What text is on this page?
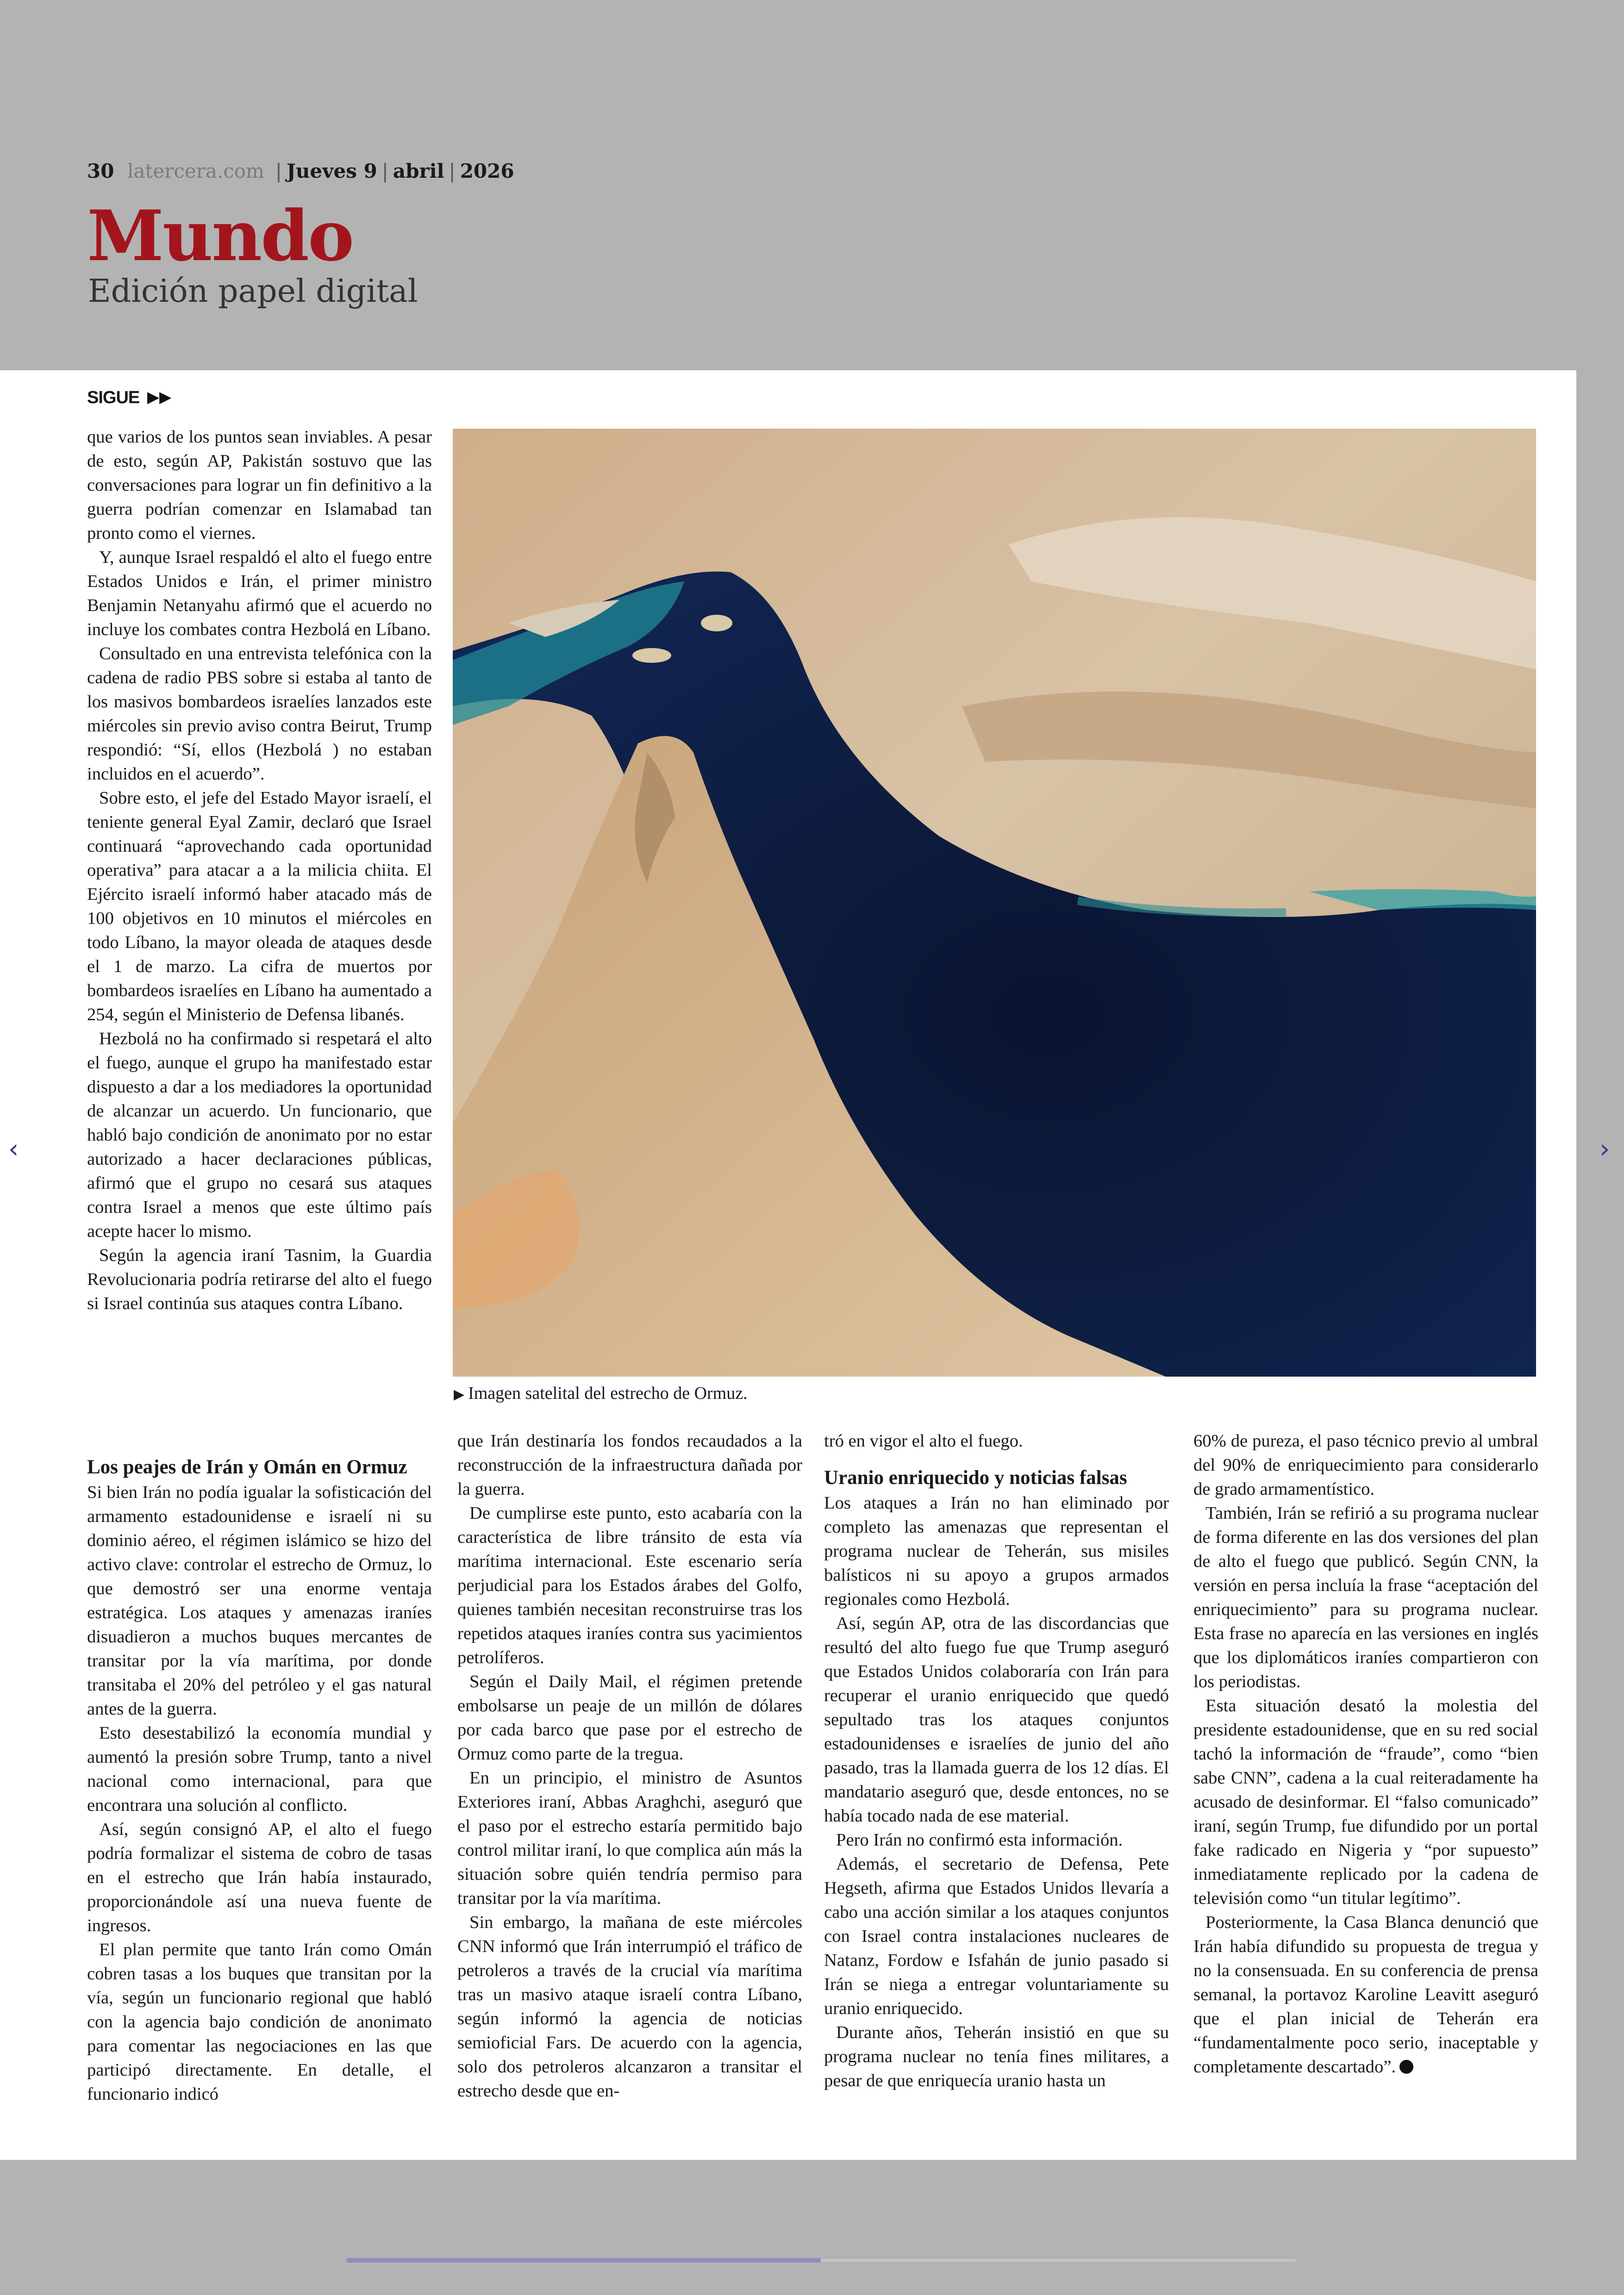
30 latercera.com | Jueves 9 | abril | 2026
Mundo
Edición papel digital
SIGUE ▶▶

que varios de los puntos sean inviables. A pesar de esto, según AP, Pakistán sostuvo que las conversaciones para lograr un fin definitivo a la guerra podrían comenzar en Islamabad tan pronto como el viernes.

Y, aunque Israel respaldó el alto el fuego entre Estados Unidos e Irán, el primer ministro Benjamin Netanyahu afirmó que el acuerdo no incluye los combates contra Hezbolá en Líbano.

Consultado en una entrevista telefónica con la cadena de radio PBS sobre si estaba al tanto de los masivos bombardeos israelíes lanzados este miércoles sin previo aviso contra Beirut, Trump respondió: “Sí, ellos (Hezbolá ) no estaban incluidos en el acuerdo”.

Sobre esto, el jefe del Estado Mayor israelí, el teniente general Eyal Zamir, declaró que Israel continuará “aprovechando cada oportunidad operativa” para atacar a a la milicia chiita. El Ejército israelí informó haber atacado más de 100 objetivos en 10 minutos el miércoles en todo Líbano, la mayor oleada de ataques desde el 1 de marzo. La cifra de muertos por bombardeos israelíes en Líbano ha aumentado a 254, según el Ministerio de Defensa libanés.

Hezbolá no ha confirmado si respetará el alto el fuego, aunque el grupo ha manifestado estar dispuesto a dar a los mediadores la oportunidad de alcanzar un acuerdo. Un funcionario, que habló bajo condición de anonimato por no estar autorizado a hacer declaraciones públicas, afirmó que el grupo no cesará sus ataques contra Israel a menos que este último país acepte hacer lo mismo.

Según la agencia iraní Tasnim, la Guardia Revolucionaria podría retirarse del alto el fuego si Israel continúa sus ataques contra Líbano.

▶ Imagen satelital del estrecho de Ormuz.
Los peajes de Irán y Omán en Ormuz

Si bien Irán no podía igualar la sofisticación del armamento estadounidense e israelí ni su dominio aéreo, el régimen islámico se hizo del activo clave: controlar el estrecho de Ormuz, lo que demostró ser una enorme ventaja estratégica. Los ataques y amenazas iraníes disuadieron a muchos buques mercantes de transitar por la vía marítima, por donde transitaba el 20% del petróleo y el gas natural antes de la guerra.

Esto desestabilizó la economía mundial y aumentó la presión sobre Trump, tanto a nivel nacional como internacional, para que encontrara una solución al conflicto.

Así, según consignó AP, el alto el fuego podría formalizar el sistema de cobro de tasas en el estrecho que Irán había instaurado, proporcionándole así una nueva fuente de ingresos.

El plan permite que tanto Irán como Omán cobren tasas a los buques que transitan por la vía, según un funcionario regional que habló con la agencia bajo condición de anonimato para comentar las negociaciones en las que participó directamente. En detalle, el funcionario indicó

que Irán destinaría los fondos recaudados a la reconstrucción de la infraestructura dañada por la guerra.

De cumplirse este punto, esto acabaría con la característica de libre tránsito de esta vía marítima internacional. Este escenario sería perjudicial para los Estados árabes del Golfo, quienes también necesitan reconstruirse tras los repetidos ataques iraníes contra sus yacimientos petrolíferos.

Según el Daily Mail, el régimen pretende embolsarse un peaje de un millón de dólares por cada barco que pase por el estrecho de Ormuz como parte de la tregua.

En un principio, el ministro de Asuntos Exteriores iraní, Abbas Araghchi, aseguró que el paso por el estrecho estaría permitido bajo control militar iraní, lo que complica aún más la situación sobre quién tendría permiso para transitar por la vía marítima.

Sin embargo, la mañana de este miércoles CNN informó que Irán interrumpió el tráfico de petroleros a través de la crucial vía marítima tras un masivo ataque israelí contra Líbano, según informó la agencia de noticias semioficial Fars. De acuerdo con la agencia, solo dos petroleros alcanzaron a transitar el estrecho desde que en-

tró en vigor el alto el fuego.

Uranio enriquecido y noticias falsas

Los ataques a Irán no han eliminado por completo las amenazas que representan el programa nuclear de Teherán, sus misiles balísticos ni su apoyo a grupos armados regionales como Hezbolá.

Así, según AP, otra de las discordancias que resultó del alto fuego fue que Trump aseguró que Estados Unidos colaboraría con Irán para recuperar el uranio enriquecido que quedó sepultado tras los ataques conjuntos estadounidenses e israelíes de junio del año pasado, tras la llamada guerra de los 12 días. El mandatario aseguró que, desde entonces, no se había tocado nada de ese material.

Pero Irán no confirmó esta información.

Además, el secretario de Defensa, Pete Hegseth, afirma que Estados Unidos llevaría a cabo una acción similar a los ataques conjuntos con Israel contra instalaciones nucleares de Natanz, Fordow e Isfahán de junio pasado si Irán se niega a entregar voluntariamente su uranio enriquecido.

Durante años, Teherán insistió en que su programa nuclear no tenía fines militares, a pesar de que enriquecía uranio hasta un

60% de pureza, el paso técnico previo al umbral del 90% de enriquecimiento para considerarlo de grado armamentístico.

También, Irán se refirió a su programa nuclear de forma diferente en las dos versiones del plan de alto el fuego que publicó. Según CNN, la versión en persa incluía la frase “aceptación del enriquecimiento” para su programa nuclear. Esta frase no aparecía en las versiones en inglés que los diplomáticos iraníes compartieron con los periodistas.

Esta situación desató la molestia del presidente estadounidense, que en su red social tachó la información de “fraude”, como “bien sabe CNN”, cadena a la cual reiteradamente ha acusado de desinformar. El “falso comunicado” iraní, según Trump, fue difundido por un portal fake radicado en Nigeria y “por supuesto” inmediatamente replicado por la cadena de televisión como “un titular legítimo”.

Posteriormente, la Casa Blanca denunció que Irán había difundido su propuesta de tregua y no la consensuada. En su conferencia de prensa semanal, la portavoz Karoline Leavitt aseguró que el plan inicial de Teherán era “fundamentalmente poco serio, inaceptable y completamente descartado”.

‹	›
